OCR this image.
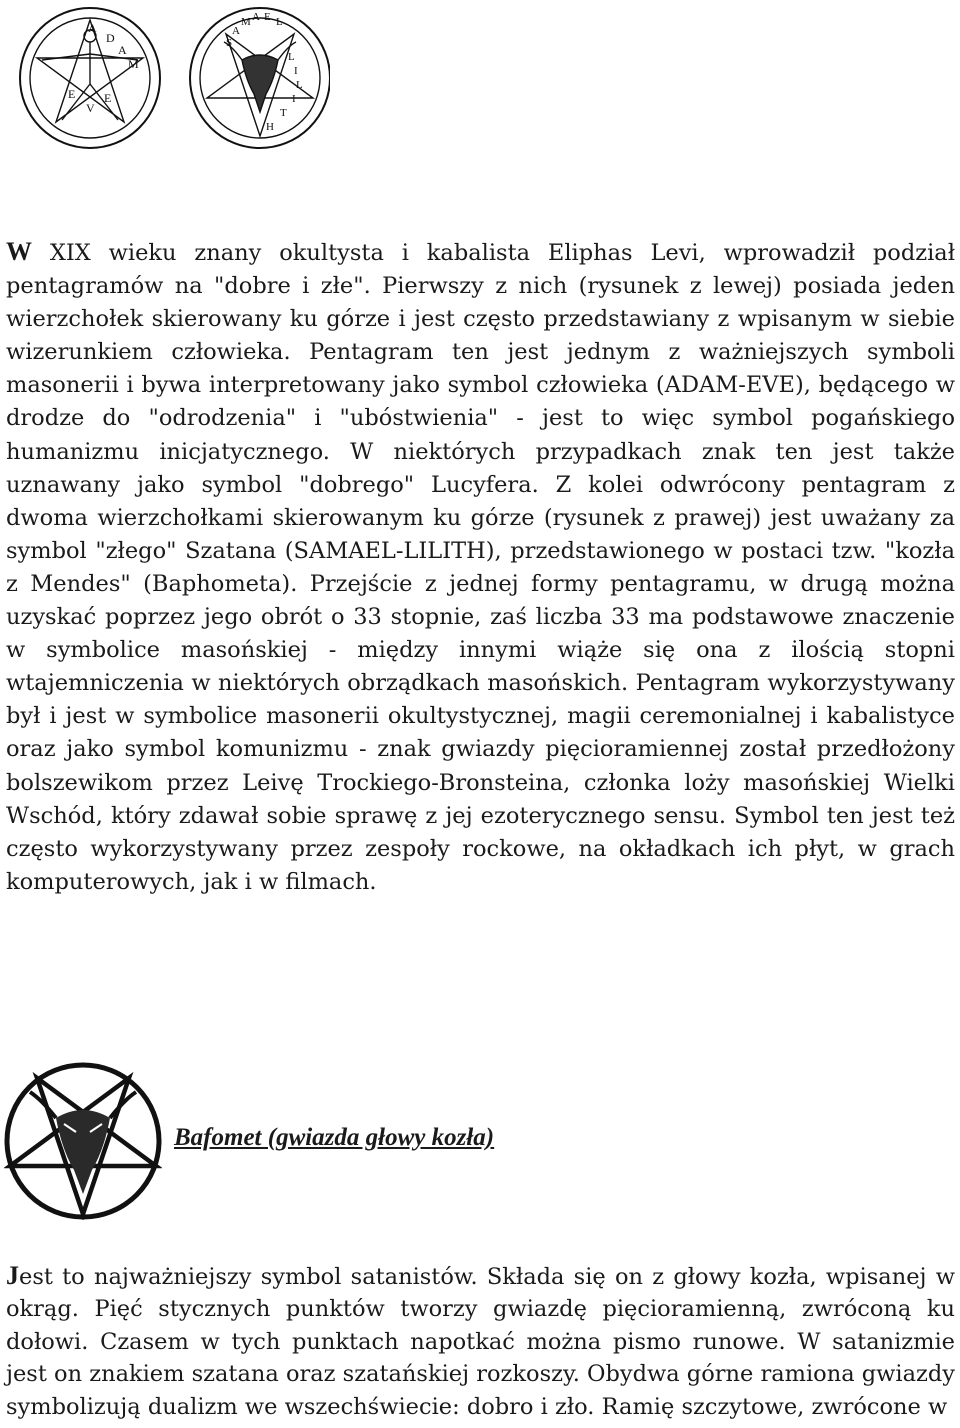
A
D
A
M
E
V
E
S
A
M A E L
L
I
L
I
T
H

W XIX wieku znany okultysta i kabalista Eliphas Levi, wprowadził podział pentagramów na "dobre i złe". Pierwszy z nich (rysunek z lewej) posiada jeden wierzchołek skierowany ku górze i jest często przedstawiany z wpisanym w siebie wizerunkiem człowieka. Pentagram ten jest jednym z ważniejszych symboli masonerii i bywa interpretowany jako symbol człowieka (ADAM-EVE), będącego w drodze do "odrodzenia" i "ubóstwienia" - jest to więc symbol pogańskiego humanizmu inicjatycznego. W niektórych przypadkach znak ten jest także uznawany jako symbol "dobrego" Lucyfera. Z kolei odwrócony pentagram z dwoma wierzchołkami skierowanym ku górze (rysunek z prawej) jest uważany za symbol "złego" Szatana (SAMAEL-LILITH), przedstawionego w postaci tzw. "kozła z Mendes" (Baphometa). Przejście z jednej formy pentagramu, w drugą można uzyskać poprzez jego obrót o 33 stopnie, zaś liczba 33 ma podstawowe znaczenie w symbolice masońskiej - między innymi wiąże się ona z ilością stopni wtajemniczenia w niektórych obrządkach masońskich. Pentagram wykorzystywany był i jest w symbolice masonerii okultystycznej, magii ceremonialnej i kabalistyce oraz jako symbol komunizmu - znak gwiazdy pięcioramiennej został przedłożony bolszewikom przez Leivę Trockiego-Bronsteina, członka loży masońskiej Wielki Wschód, który zdawał sobie sprawę z jej ezoterycznego sensu. Symbol ten jest też często wykorzystywany przez zespoły rockowe, na okładkach ich płyt, w grach komputerowych, jak i w filmach.

Bafomet (gwiazda głowy kozła)

Jest to najważniejszy symbol satanistów. Składa się on z głowy kozła, wpisanej w okrąg. Pięć stycznych punktów tworzy gwiazdę pięcioramienną, zwróconą ku dołowi. Czasem w tych punktach napotkać można pismo runowe. W satanizmie jest on znakiem szatana oraz szatańskiej rozkoszy. Obydwa górne ramiona gwiazdy symbolizują dualizm we wszechświecie: dobro i zło. Ramię szczytowe, zwrócone w
